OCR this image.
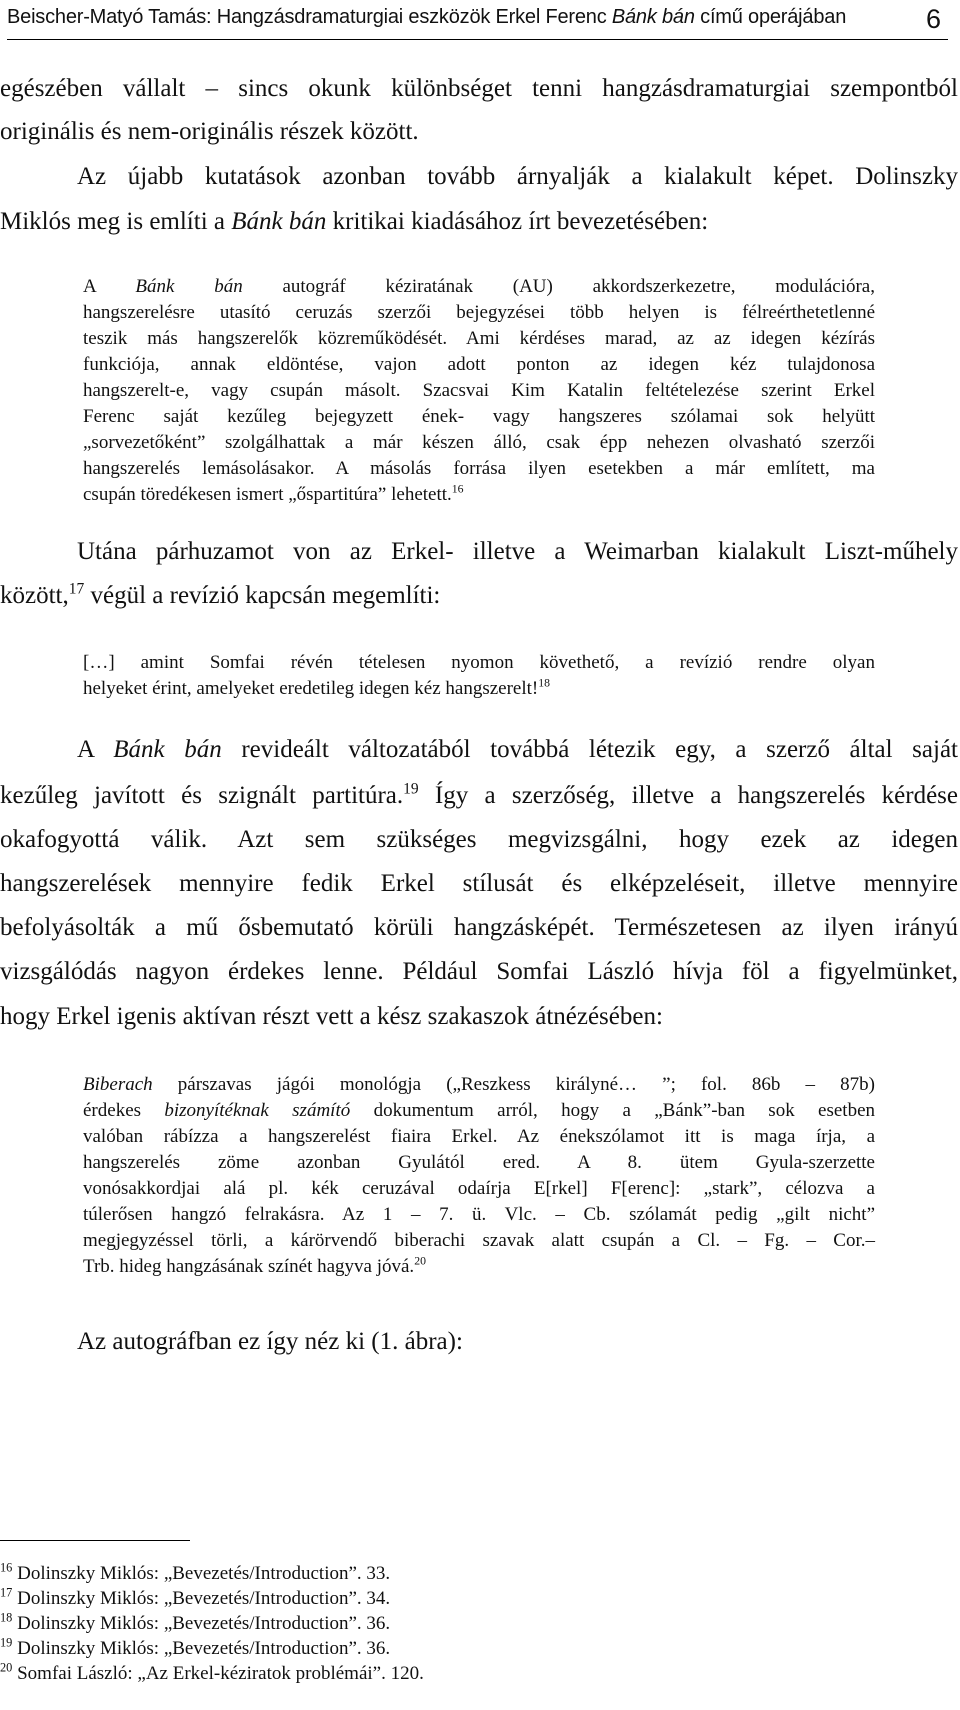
Beischer-Matyó Tamás: Hangzásdramaturgiai eszközök Erkel Ferenc Bánk bán című operájában	6
egészében vállalt – sincs okunk különbséget tenni hangzásdramaturgiai szempontból
originális és nem-originális részek között.
Az újabb kutatások azonban tovább árnyalják a kialakult képet. Dolinszky
Miklós meg is említi a Bánk bán kritikai kiadásához írt bevezetésében:
A Bánk bán autográf kéziratának (AU) akkordszerkezetre, modulációra,
hangszerelésre utasító ceruzás szerzői bejegyzései több helyen is félreérthetetlenné
teszik más hangszerelők közreműködését. Ami kérdéses marad, az az idegen kézírás
funkciója, annak eldöntése, vajon adott ponton az idegen kéz tulajdonosa
hangszerelt-e, vagy csupán másolt. Szacsvai Kim Katalin feltételezése szerint Erkel
Ferenc saját kezűleg bejegyzett ének- vagy hangszeres szólamai sok helyütt
„sorvezetőként” szolgálhattak a már készen álló, csak épp nehezen olvasható szerzői
hangszerelés lemásolásakor. A másolás forrása ilyen esetekben a már említett, ma
csupán töredékesen ismert „őspartitúra” lehetett.$^{16}$
Utána párhuzamot von az Erkel- illetve a Weimarban kialakult Liszt-műhely
között,$^{17}$ végül a revízió kapcsán megemlíti:
[…] amint Somfai révén tételesen nyomon követhető, a revízió rendre olyan
helyeket érint, amelyeket eredetileg idegen kéz hangszerelt!$^{18}$
A Bánk bán revideált változatából továbbá létezik egy, a szerző által saját
kezűleg javított és szignált partitúra.$^{19}$ Így a szerzőség, illetve a hangszerelés kérdése
okafogyottá válik. Azt sem szükséges megvizsgálni, hogy ezek az idegen
hangszerelések mennyire fedik Erkel stílusát és elképzeléseit, illetve mennyire
befolyásolták a mű ősbemutató körüli hangzásképét. Természetesen az ilyen irányú
vizsgálódás nagyon érdekes lenne. Például Somfai László hívja föl a figyelmünket,
hogy Erkel igenis aktívan részt vett a kész szakaszok átnézésében:
Biberach párszavas jágói monológja („Reszkess királyné… ”; fol. 86b – 87b)
érdekes bizonyítéknak számító dokumentum arról, hogy a „Bánk”-ban sok esetben
valóban rábízza a hangszerelést fiaira Erkel. Az énekszólamot itt is maga írja, a
hangszerelés zöme azonban Gyulától ered. A 8. ütem Gyula-szerzette
vonósakkordjai alá pl. kék ceruzával odaírja E[rkel] F[erenc]: „stark”, célozva a
túlerősen hangzó felrakásra. Az 1 – 7. ü. Vlc. – Cb. szólamát pedig „gilt nicht”
megjegyzéssel törli, a kárörvendő biberachi szavak alatt csupán a Cl. – Fg. – Cor.–
Trb. hideg hangzásának színét hagyva jóvá.$^{20}$
Az autográfban ez így néz ki (1. ábra):
$^{16}$ Dolinszky Miklós: „Bevezetés/Introduction”. 33.
$^{17}$ Dolinszky Miklós: „Bevezetés/Introduction”. 34.
$^{18}$ Dolinszky Miklós: „Bevezetés/Introduction”. 36.
$^{19}$ Dolinszky Miklós: „Bevezetés/Introduction”. 36.
$^{20}$ Somfai László: „Az Erkel-kéziratok problémái”. 120.
